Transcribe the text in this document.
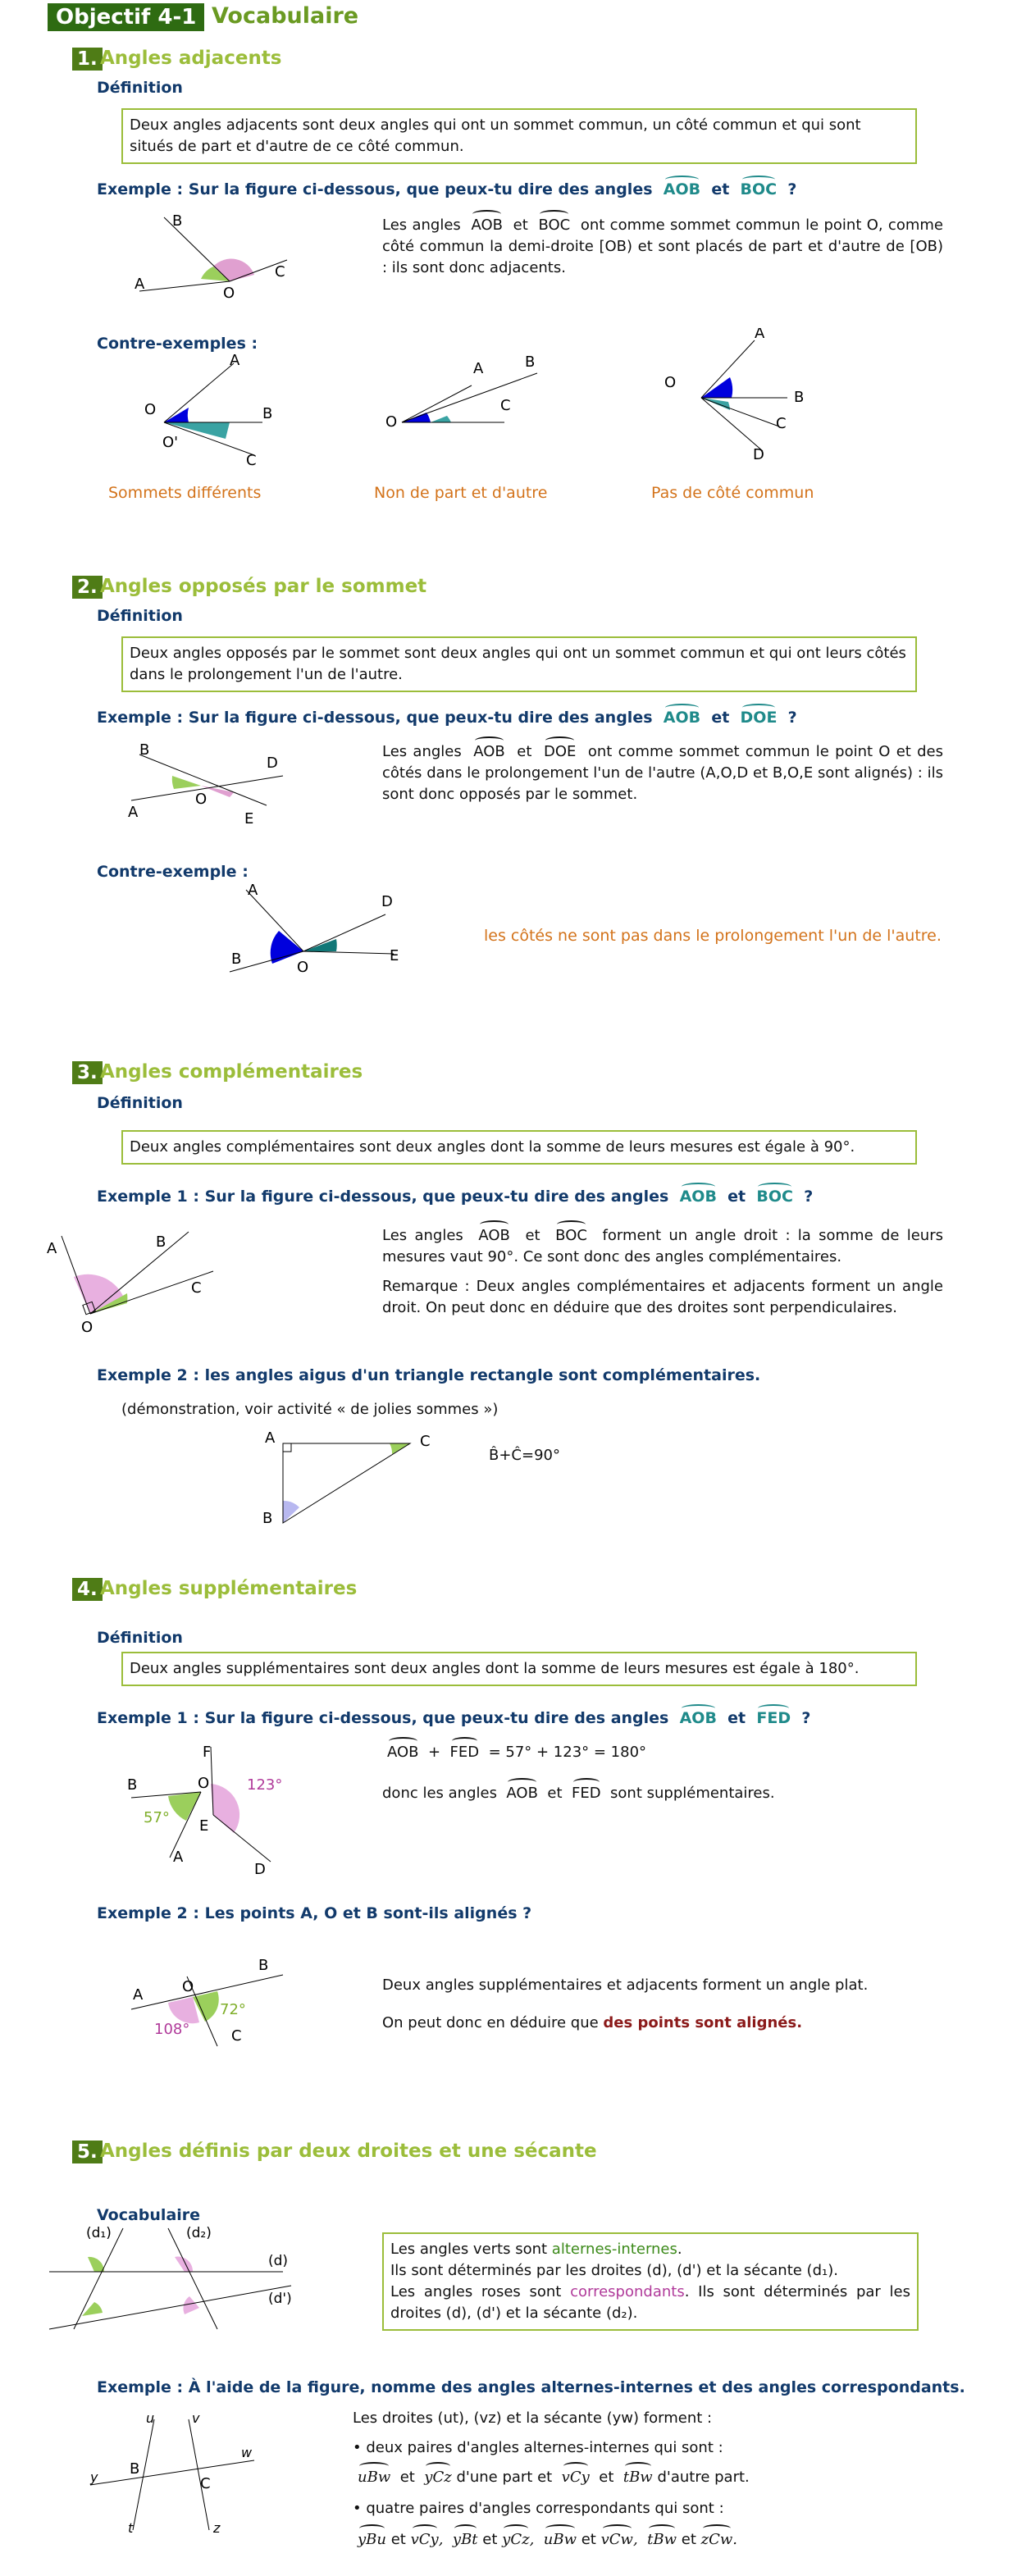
Objectif 4-1 Vocabulaire
1. Angles adjacents
Définition
Deux angles adjacents sont deux angles qui ont un sommet commun, un côté commun et qui sont situés de part et d'autre de ce côté commun.
Exemple : Sur la figure ci-dessous, que peux-tu dire des angles AOB et BOC ?
B
A
O
C
Les angles AOB et BOC ont comme sommet commun le point O, comme côté commun la demi-droite [OB) et sont placés de part et d'autre de [OB) : ils sont donc adjacents.
Contre-exemples :
O
A
B
O'
C
Sommets différents
O
A	B
C
Non de part et d'autre
O
A
B
C
D
Pas de côté commun
2. Angles opposés par le sommet
Définition
Deux angles opposés par le sommet sont deux angles qui ont un sommet commun et qui ont leurs côtés dans le prolongement l'un de l'autre.
Exemple : Sur la figure ci-dessous, que peux-tu dire des angles AOB et DOE ?
B
A
O
D
E
Les angles AOB et DOE ont comme sommet commun le point O et des côtés dans le prolongement l'un de l'autre (A,O,D et B,O,E sont alignés) : ils sont donc opposés par le sommet.
Contre-exemple :
A
B	O
D
E
les côtés ne sont pas dans le prolongement l'un de l'autre.
3. Angles complémentaires
Définition
Deux angles complémentaires sont deux angles dont la somme de leurs mesures est égale à 90°.
Exemple 1 : Sur la figure ci-dessous, que peux-tu dire des angles AOB et BOC ?
A	B
C
O
Les angles AOB et BOC forment un angle droit : la somme de leurs mesures vaut 90°. Ce sont donc des angles complémentaires.
Remarque : Deux angles complémentaires et adjacents forment un angle droit. On peut donc en déduire que des droites sont perpendiculaires.
Exemple 2 : les angles aigus d'un triangle rectangle sont complémentaires.
(démonstration, voir activité « de jolies sommes »)
A	C
B
B̂+Ĉ=90°
4. Angles supplémentaires
Définition
Deux angles supplémentaires sont deux angles dont la somme de leurs mesures est égale à 180°.
Exemple 1 : Sur la figure ci-dessous, que peux-tu dire des angles AOB et FED ?
B	O
F
E
A
D
57°
123°
AOB + FED = 57° + 123° = 180°
donc les angles AOB et FED sont supplémentaires.
Exemple 2 : Les points A, O et B sont-ils alignés ?
A	O
B
C
72°
108°
Deux angles supplémentaires et adjacents forment un angle plat.
On peut donc en déduire que des points sont alignés.
5. Angles définis par deux droites et une sécante
Vocabulaire
(d₁)	(d₂)
(d)
(d')
Les angles verts sont alternes-internes.
Ils sont déterminés par les droites (d), (d') et la sécante (d₁).
Les angles roses sont correspondants. Ils sont déterminés par les droites (d), (d') et la sécante (d₂).
Exemple : À l'aide de la figure, nomme des angles alternes-internes et des angles correspondants.
u	v
w
y
t	z
B
C
Les droites (ut), (vz) et la sécante (yw) forment :
• deux paires d'angles alternes-internes qui sont :
uBw et yCz d'une part et vCy et tBw d'autre part.
• quatre paires d'angles correspondants qui sont :
yBu et vCy,  yBt et yCz,  uBw et vCw,  tBw et zCw.
